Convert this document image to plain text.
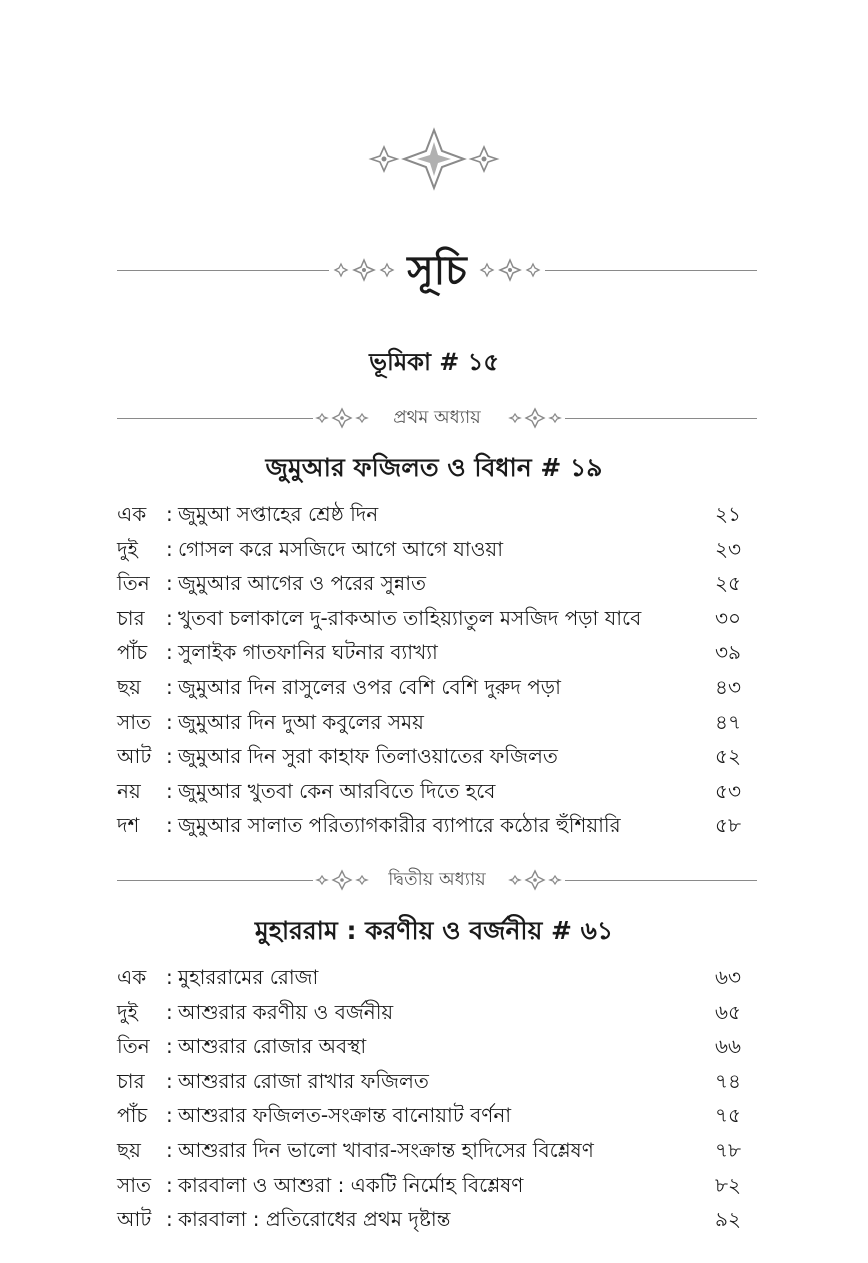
সূচি
ভূমিকা # ১৫
প্রথম অধ্যায়
জুমুআর ফজিলত ও বিধান # ১৯
এক : জুমুআ সপ্তাহের শ্রেষ্ঠ দিন	২১
দুই	: গোসল করে মসজিদে আগে আগে যাওয়া	২৩
তিন : জুমুআর আগের ও পরের সুন্নাত	২৫
চার	: খুতবা চলাকালে দু-রাকআত তাহিয়্যাতুল মসজিদ পড়া যাবে	৩০
পাঁচ : সুলাইক গাতফানির ঘটনার ব্যাখ্যা	৩৯
ছয়	: জুমুআর দিন রাসুলের ওপর বেশি বেশি দুরুদ পড়া	৪৩
সাত : জুমুআর দিন দুআ কবুলের সময়	৪৭
আট : জুমুআর দিন সুরা কাহাফ তিলাওয়াতের ফজিলত	৫২
নয়	: জুমুআর খুতবা কেন আরবিতে দিতে হবে	৫৩
দশ	: জুমুআর সালাত পরিত্যাগকারীর ব্যাপারে কঠোর হুঁশিয়ারি	৫৮
দ্বিতীয় অধ্যায়
মুহাররাম : করণীয় ও বর্জনীয় # ৬১
এক : মুহাররামের রোজা	৬৩
দুই	: আশুরার করণীয় ও বর্জনীয়	৬৫
তিন : আশুরার রোজার অবস্থা	৬৬
চার	: আশুরার রোজা রাখার ফজিলত	৭৪
পাঁচ : আশুরার ফজিলত-সংক্রান্ত বানোয়াট বর্ণনা	৭৫
ছয়	: আশুরার দিন ভালো খাবার-সংক্রান্ত হাদিসের বিশ্লেষণ	৭৮
সাত : কারবালা ও আশুরা : একটি নির্মোহ বিশ্লেষণ	৮২
আট : কারবালা : প্রতিরোধের প্রথম দৃষ্টান্ত	৯২
